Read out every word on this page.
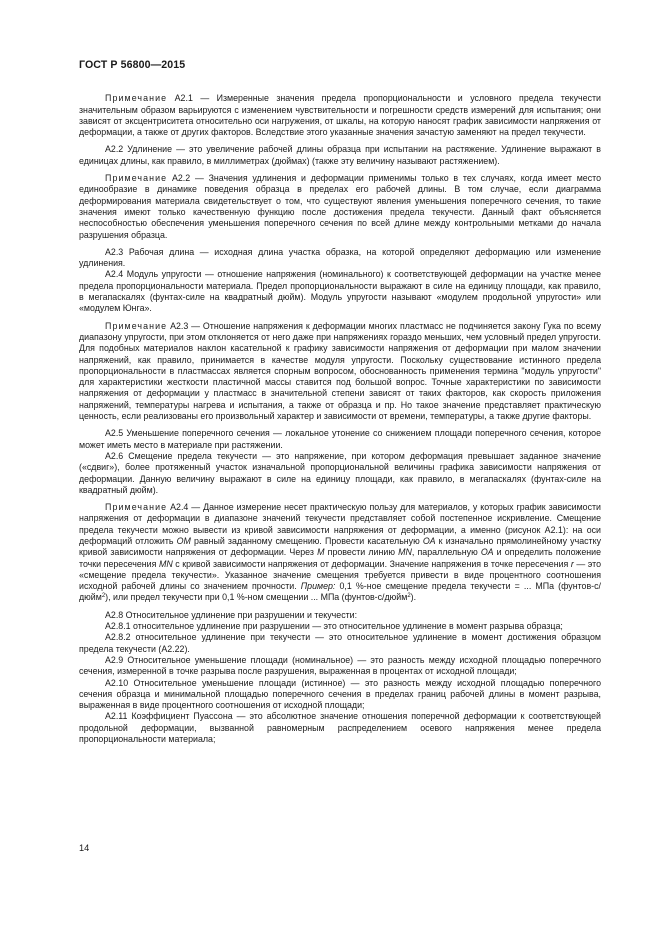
ГОСТ Р 56800—2015

Примечание А2.1 — Измеренные значения предела пропорциональности и условного предела текучести значительным образом варьируются с изменением чувствительности и погрешности средств измерений для испытания; они зависят от эксцентриситета относительно оси нагружения, от шкалы, на которую наносят график зависимости напряжения от деформации, а также от других факторов. Вследствие этого указанные значения зачастую заменяют на предел текучести.

А2.2 Удлинение — это увеличение рабочей длины образца при испытании на растяжение. Удлинение выражают в единицах длины, как правило, в миллиметрах (дюймах) (также эту величину называют растяжением).

Примечание А2.2 — Значения удлинения и деформации применимы только в тех случаях, когда имеет место единообразие в динамике поведения образца в пределах его рабочей длины. В том случае, если диаграмма деформирования материала свидетельствует о том, что существуют явления уменьшения поперечного сечения, то такие значения имеют только качественную функцию после достижения предела текучести. Данный факт объясняется неспособностью обеспечения уменьшения поперечного сечения по всей длине между контрольными метками до начала разрушения образца.

А2.3 Рабочая длина — исходная длина участка образка, на которой определяют деформацию или изменение удлинения.

А2.4 Модуль упругости — отношение напряжения (номинального) к соответствующей деформации на участке менее предела пропорциональности материала. Предел пропорциональности выражают в силе на единицу площади, как правило, в мегапаскалях (фунтах-силе на квадратный дюйм). Модуль упругости называют «модулем продольной упругости» или «модулем Юнга».

Примечание А2.3 — Отношение напряжения к деформации многих пластмасс не подчиняется закону Гука по всему диапазону упругости, при этом отклоняется от него даже при напряжениях гораздо меньших, чем условный предел упругости. Для подобных материалов наклон касательной к графику зависимости напряжения от деформации при малом значении напряжений, как правило, принимается в качестве модуля упругости. Поскольку существование истинного предела пропорциональности в пластмассах является спорным вопросом, обоснованность применения термина "модуль упругости" для характеристики жесткости пластичной массы ставится под большой вопрос. Точные характеристики по зависимости напряжения от деформации у пластмасс в значительной степени зависят от таких факторов, как скорость приложения напряжений, температуры нагрева и испытания, а также от образца и пр. Но такое значение представляет практическую ценность, если реализованы его произвольный характер и зависимости от времени, температуры, а также другие факторы.

А2.5 Уменьшение поперечного сечения — локальное утонение со снижением площади поперечного сечения, которое может иметь место в материале при растяжении.

А2.6 Смещение предела текучести — это напряжение, при котором деформация превышает заданное значение («сдвиг»), более протяженный участок изначальной пропорциональной величины графика зависимости напряжения от деформации. Данную величину выражают в силе на единицу площади, как правило, в мегапаскалях (фунтах-силе на квадратный дюйм).

Примечание А2.4 — Данное измерение несет практическую пользу для материалов, у которых график зависимости напряжения от деформации в диапазоне значений текучести представляет собой постепенное искривление. Смещение предела текучести можно вывести из кривой зависимости напряжения от деформации, а именно (рисунок А2.1): на оси деформаций отложить ОМ равный заданному смещению. Провести касательную ОА к изначально прямолинейному участку кривой зависимости напряжения от деформации. Через М провести линию MN, параллельную ОА и определить положение точки пересечения MN с кривой зависимости напряжения от деформации. Значение напряжения в точке пересечения r — это «смещение предела текучести». Указанное значение смещения требуется привести в виде процентного соотношения исходной рабочей длины со значением прочности. Пример: 0,1 %-ное смещение предела текучести = ... МПа (фунтов-с/дюйм$^2$), или предел текучести при 0,1 %-ном смещении ... МПа (фунтов-с/дюйм$^2$).

А2.8 Относительное удлинение при разрушении и текучести:

А2.8.1 относительное удлинение при разрушении — это относительное удлинение в момент разрыва образца;

А2.8.2 относительное удлинение при текучести — это относительное удлинение в момент достижения образцом предела текучести (А2.22).

А2.9 Относительное уменьшение площади (номинальное) — это разность между исходной площадью поперечного сечения, измеренной в точке разрыва после разрушения, выраженная в процентах от исходной площади;

А2.10 Относительное уменьшение площади (истинное) — это разность между исходной площадью поперечного сечения образца и минимальной площадью поперечного сечения в пределах границ рабочей длины в момент разрыва, выраженная в виде процентного соотношения от исходной площади;

А2.11 Коэффициент Пуассона — это абсолютное значение отношения поперечной деформации к соответствующей продольной деформации, вызванной равномерным распределением осевого напряжения менее предела пропорциональности материала;

14
